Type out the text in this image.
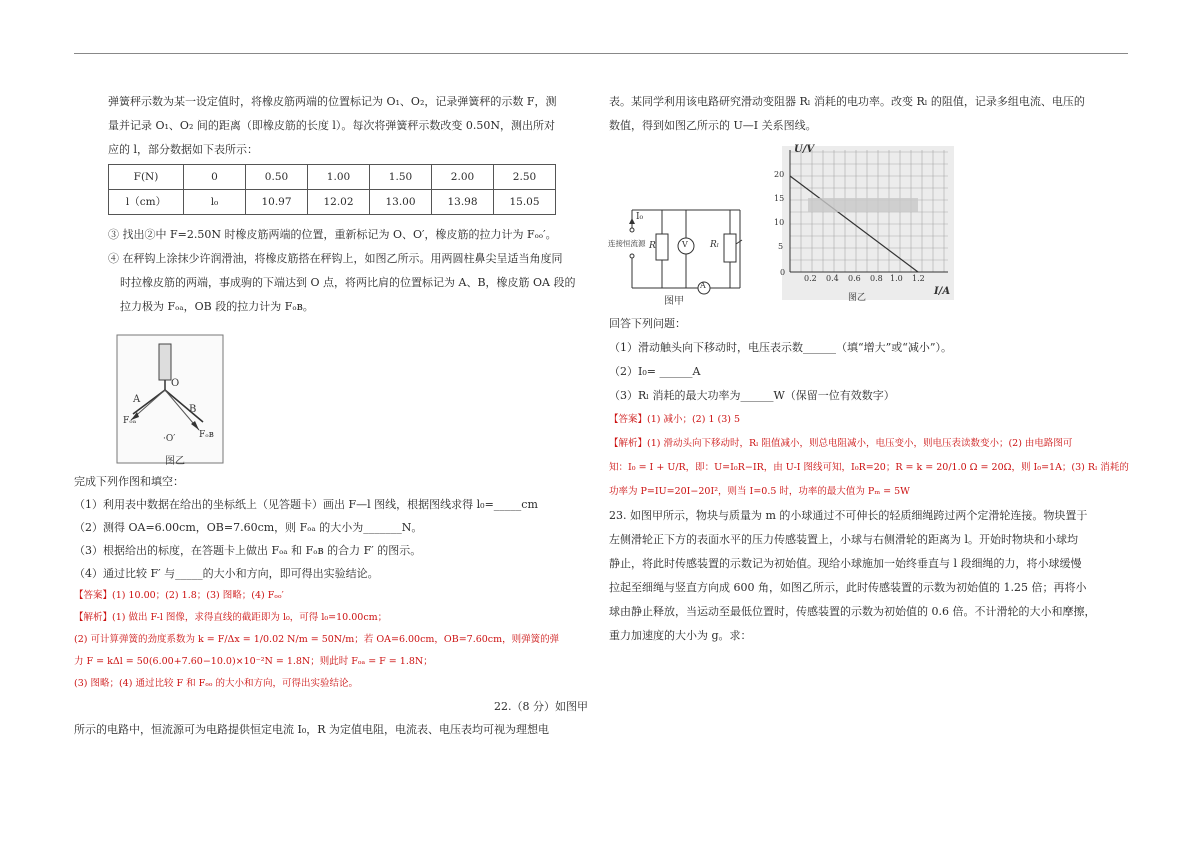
弹簧秤示数为某一设定值时，将橡皮筋两端的位置标记为 O₁、O₂，记录弹簧秤的示数 F，测

量并记录 O₁、O₂ 间的距离（即橡皮筋的长度 l）。每次将弹簧秤示数改变 0.50N，测出所对

应的 l，部分数据如下表所示：

F(N)	0	0.50	1.00	1.50	2.00	2.50
l（cm）	l₀	10.97	12.02	13.00	13.98	15.05

③ 找出②中 F=2.50N 时橡皮筋两端的位置，重新标记为 O、O′，橡皮筋的拉力计为 Fₒₒ′。

④ 在秤钩上涂抹少许润滑油，将橡皮筋搭在秤钩上，如图乙所示。用两圆柱鼻尖呈适当角度同

时拉橡皮筋的两端，事成驹的下端达到 O 点，将两比肩的位置标记为 A、B，橡皮筋 OA 段的

拉力极为 Fₒₐ，OB 段的拉力计为 Fₒʙ。

O
A
B
Fₒₐ
Fₒʙ
·O′
图乙

完成下列作图和填空：

（1）利用表中数据在给出的坐标纸上（见答题卡）画出 F—l 图线，根据图线求得 l₀=_____cm

（2）测得 OA=6.00cm，OB=7.60cm，则 Fₒₐ 的大小为_______N。

（3）根据给出的标度，在答题卡上做出 Fₒₐ 和 Fₒʙ 的合力 F′ 的图示。

（4）通过比较 F′ 与_____的大小和方向，即可得出实验结论。

【答案】(1) 10.00；(2) 1.8；(3) 图略；(4) Fₒₒ′

【解析】(1) 做出 F-l 图像，求得直线的截距即为 l₀，可得 l₀=10.00cm；

(2) 可计算弹簧的劲度系数为 k = F/Δx = 1/0.02 N/m = 50N/m；若 OA=6.00cm，OB=7.60cm，则弹簧的弹

力 F = kΔl = 50(6.00+7.60−10.0)×10⁻²N = 1.8N；则此时 Fₒₐ = F = 1.8N；

(3) 图略；(4) 通过比较 F 和 Fₒₒ 的大小和方向，可得出实验结论。

22.（8 分）如图甲

所示的电路中，恒流源可为电路提供恒定电流 I₀，R 为定值电阻，电流表、电压表均可视为理想电

表。某同学利用该电路研究滑动变阻器 Rₗ 消耗的电功率。改变 Rₗ 的阻值，记录多组电流、电压的

数值，得到如图乙所示的 U—I 关系图线。

I₀
连接恒流源 R	V Rₗ
A
图甲
U/V
I/A
0
20
15
10
5
0.2 0.4 0.6 0.8 1.0 1.2
图乙

回答下列问题：

（1）滑动触头向下移动时，电压表示数______（填“增大”或“减小”）。

（2）I₀= ______A

（3）Rₗ 消耗的最大功率为______W（保留一位有效数字）

【答案】(1) 减小；(2) 1 (3) 5

【解析】(1) 滑动头向下移动时，Rₗ 阻值减小，则总电阻减小，电压变小，则电压表读数变小；(2) 由电路图可

知：I₀ = I + U/R，即：U=I₀R−IR，由 U-I 图线可知，I₀R=20；R = k = 20/1.0 Ω = 20Ω，则 I₀=1A；(3) Rₗ 消耗的

功率为 P=IU=20I−20I²，则当 I=0.5 时，功率的最大值为 Pₘ = 5W

23. 如图甲所示，物块与质量为 m 的小球通过不可伸长的轻质细绳跨过两个定滑轮连接。物块置于

左侧滑轮正下方的表面水平的压力传感装置上，小球与右侧滑轮的距离为 l。开始时物块和小球均

静止，将此时传感装置的示数记为初始值。现给小球施加一始终垂直与 l 段细绳的力，将小球缓慢

拉起至细绳与竖直方向成 600 角，如图乙所示，此时传感装置的示数为初始值的 1.25 倍；再将小

球由静止释放，当运动至最低位置时，传感装置的示数为初始值的 0.6 倍。不计滑轮的大小和摩擦，

重力加速度的大小为 g。求：
